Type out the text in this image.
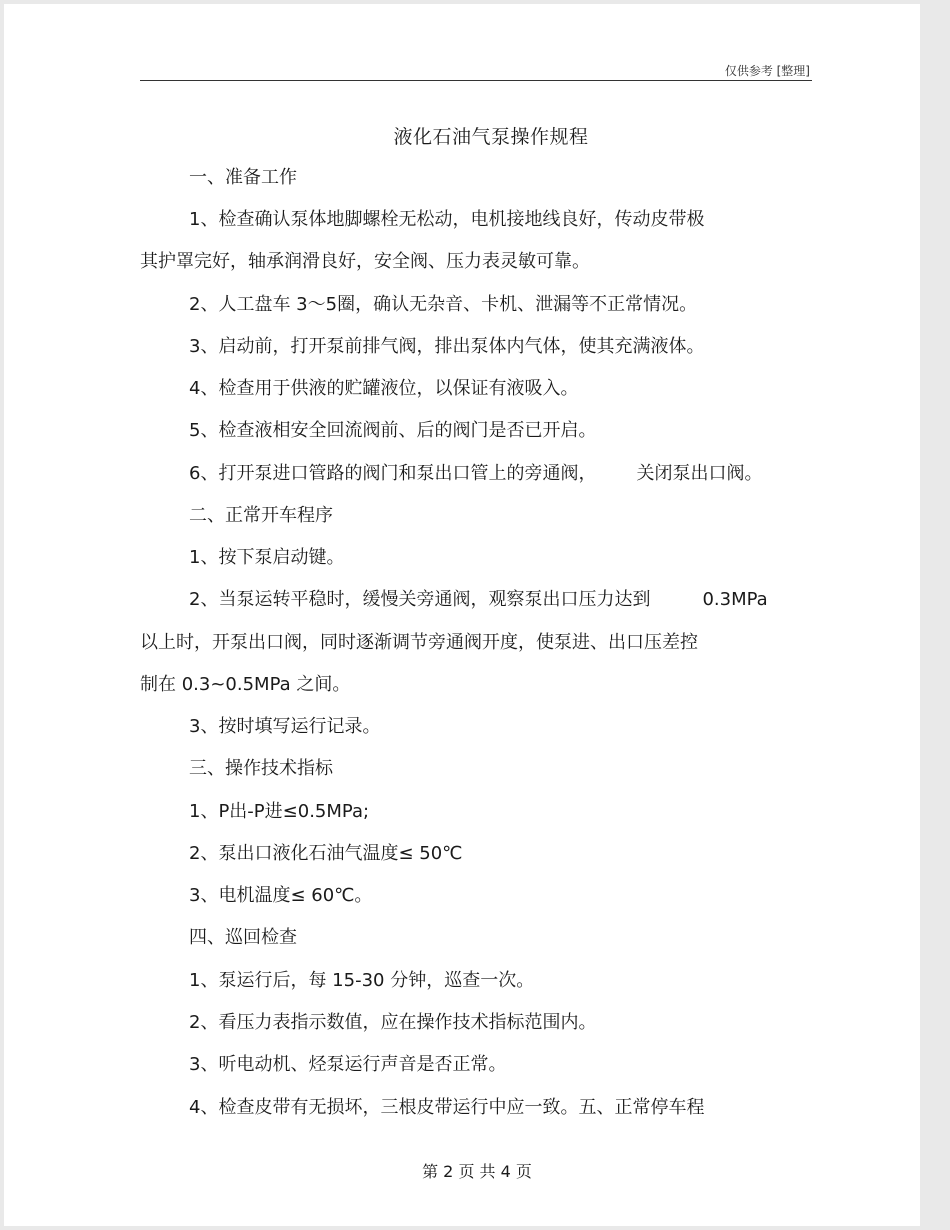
仅供参考 [整理]
液化石油气泵操作规程
一、准备工作
1、检查确认泵体地脚螺栓无松动，电机接地线良好，传动皮带极
其护罩完好，轴承润滑良好，安全阀、压力表灵敏可靠。
2、人工盘车 3～5圈，确认无杂音、卡机、泄漏等不正常情况。
3、启动前，打开泵前排气阀，排出泵体内气体，使其充满液体。
4、检查用于供液的贮罐液位，以保证有液吸入。
5、检查液相安全回流阀前、后的阀门是否已开启。
6、打开泵进口管路的阀门和泵出口管上的旁通阀， 关闭泵出口阀。
二、正常开车程序
1、按下泵启动键。
2、当泵运转平稳时，缓慢关旁通阀，观察泵出口压力达到	0.3MPa
以上时，开泵出口阀，同时逐渐调节旁通阀开度，使泵进、出口压差控
制在 0.3~0.5MPa 之间。
3、按时填写运行记录。
三、操作技术指标
1、P出-P进≤0.5MPa;
2、泵出口液化石油气温度≤ 50℃
3、电机温度≤ 60℃。
四、巡回检查
1、泵运行后，每 15-30 分钟，巡查一次。
2、看压力表指示数值，应在操作技术指标范围内。
3、听电动机、烃泵运行声音是否正常。
4、检查皮带有无损坏，三根皮带运行中应一致。五、正常停车程
第 2 页 共 4 页
